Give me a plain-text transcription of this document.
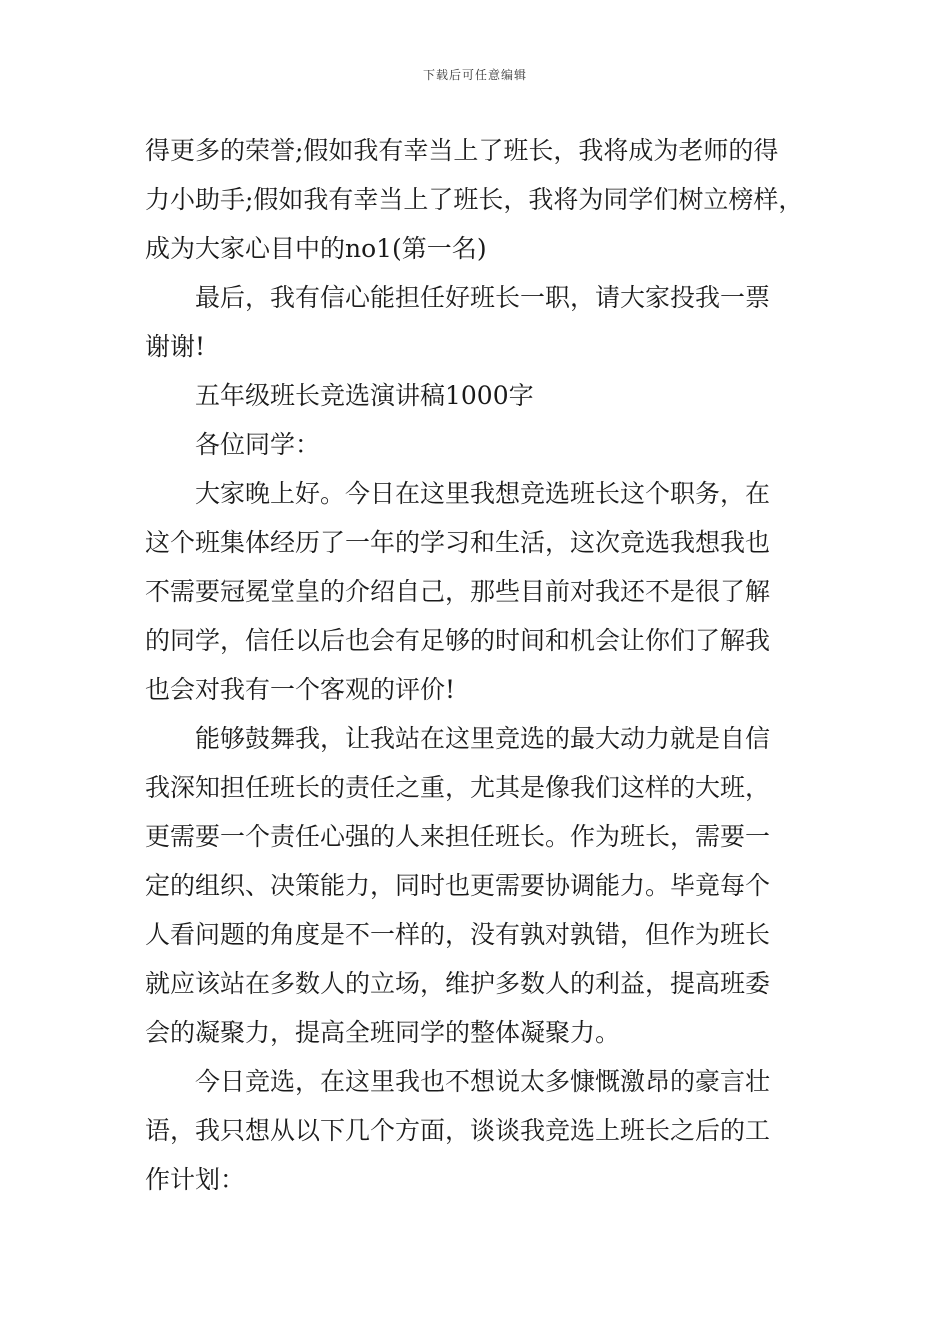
下载后可任意编辑
得更多的荣誉;假如我有幸当上了班长，我将成为老师的得
力小助手;假如我有幸当上了班长，我将为同学们树立榜样，
成为大家心目中的no1(第一名)
最后，我有信心能担任好班长一职，请大家投我一票
谢谢!
五年级班长竞选演讲稿1000字
各位同学：
大家晚上好。今日在这里我想竞选班长这个职务，在
这个班集体经历了一年的学习和生活，这次竞选我想我也
不需要冠冕堂皇的介绍自己，那些目前对我还不是很了解
的同学，信任以后也会有足够的时间和机会让你们了解我
也会对我有一个客观的评价!
能够鼓舞我，让我站在这里竞选的最大动力就是自信
我深知担任班长的责任之重，尤其是像我们这样的大班，
更需要一个责任心强的人来担任班长。作为班长，需要一
定的组织、决策能力，同时也更需要协调能力。毕竟每个
人看问题的角度是不一样的，没有孰对孰错，但作为班长
就应该站在多数人的立场，维护多数人的利益，提高班委
会的凝聚力，提高全班同学的整体凝聚力。
今日竞选，在这里我也不想说太多慷慨激昂的豪言壮
语，我只想从以下几个方面，谈谈我竞选上班长之后的工
作计划：
